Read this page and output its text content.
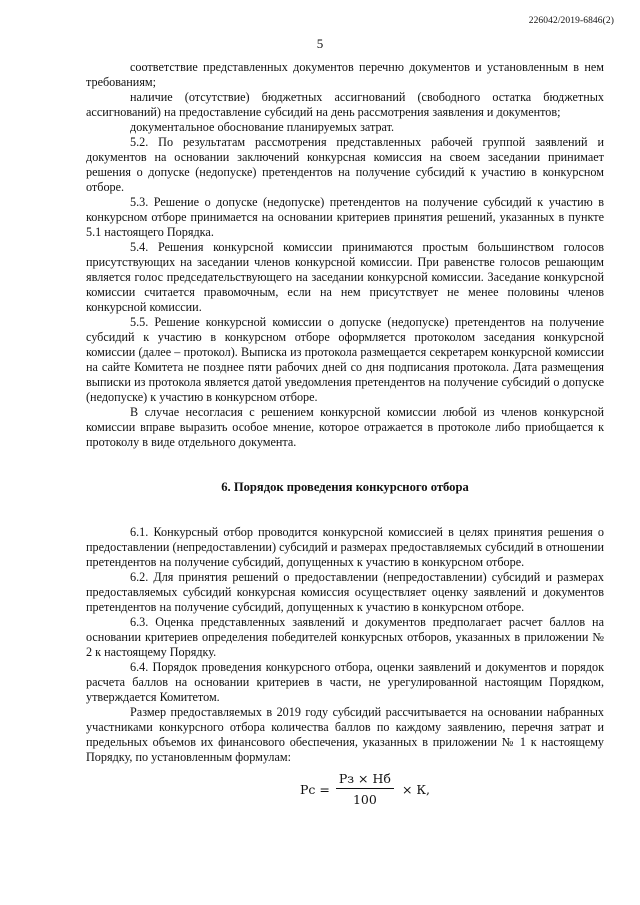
226042/2019-6846(2)
5

соответствие представленных документов перечню документов и установленным в нем требованиям;

наличие (отсутствие) бюджетных ассигнований (свободного остатка бюджетных ассигнований) на предоставление субсидий на день рассмотрения заявления и документов;

документальное обоснование планируемых затрат.

5.2. По результатам рассмотрения представленных рабочей группой заявлений и документов на основании заключений конкурсная комиссия на своем заседании принимает решения о допуске (недопуске) претендентов на получение субсидий к участию в конкурсном отборе.

5.3. Решение о допуске (недопуске) претендентов на получение субсидий к участию в конкурсном отборе принимается на основании критериев принятия решений, указанных в пункте 5.1 настоящего Порядка.

5.4. Решения конкурсной комиссии принимаются простым большинством голосов присутствующих на заседании членов конкурсной комиссии. При равенстве голосов решающим является голос председательствующего на заседании конкурсной комиссии. Заседание конкурсной комиссии считается правомочным, если на нем присутствует не менее половины членов конкурсной комиссии.

5.5. Решение конкурсной комиссии о допуске (недопуске) претендентов на получение субсидий к участию в конкурсном отборе оформляется протоколом заседания конкурсной комиссии (далее – протокол). Выписка из протокола размещается секретарем конкурсной комиссии на сайте Комитета не позднее пяти рабочих дней со дня подписания протокола. Дата размещения выписки из протокола является датой уведомления претендентов на получение субсидий о допуске (недопуске) к участию в конкурсном отборе.

В случае несогласия с решением конкурсной комиссии любой из членов конкурсной комиссии вправе выразить особое мнение, которое отражается в протоколе либо приобщается к протоколу в виде отдельного документа.

6. Порядок проведения конкурсного отбора

6.1. Конкурсный отбор проводится конкурсной комиссией в целях принятия решения о предоставлении (непредоставлении) субсидий и размерах предоставляемых субсидий в отношении претендентов на получение субсидий, допущенных к участию в конкурсном отборе.

6.2. Для принятия решений о предоставлении (непредоставлении) субсидий и размерах предоставляемых субсидий конкурсная комиссия осуществляет оценку заявлений и документов претендентов на получение субсидий, допущенных к участию в конкурсном отборе.

6.3. Оценка представленных заявлений и документов предполагает расчет баллов на основании критериев определения победителей конкурсных отборов, указанных в приложении № 2 к настоящему Порядку.

6.4. Порядок проведения конкурсного отбора, оценки заявлений и документов и порядок расчета баллов на основании критериев в части, не урегулированной настоящим Порядком, утверждается Комитетом.

Размер предоставляемых в 2019 году субсидий рассчитывается на основании набранных участниками конкурсного отбора количества баллов по каждому заявлению, перечня затрат и предельных объемов их финансового обеспечения, указанных в приложении № 1 к настоящему Порядку, по установленным формулам:

Рс = $\frac{Рз \times Нб}{100} \times К$,
